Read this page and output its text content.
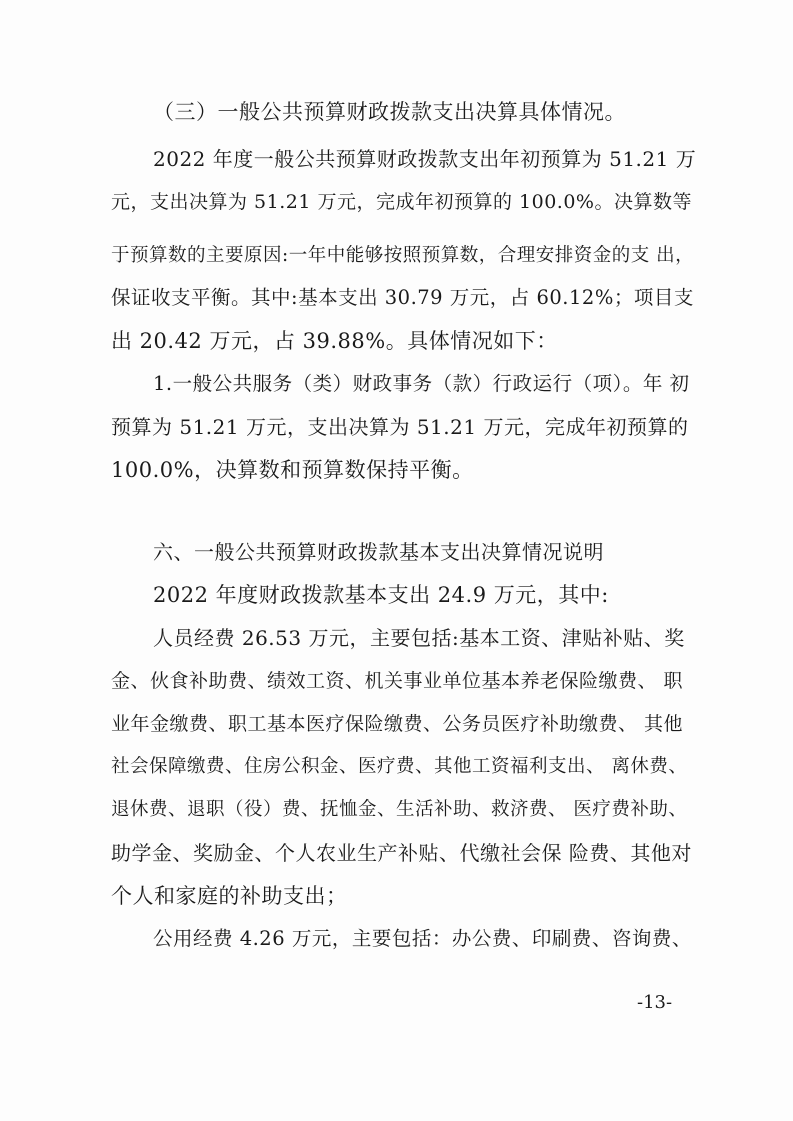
（三）一般公共预算财政拨款支出决算具体情况。

2022 年度一般公共预算财政拨款支出年初预算为 51.21 万

元，支出决算为 51.21 万元，完成年初预算的 100.0%。决算数等

于预算数的主要原因:一年中能够按照预算数，合理安排资金的支 出，

保证收支平衡。其中:基本支出 30.79 万元，占 60.12%；项目支

出 20.42 万元，占 39.88%。具体情况如下：

1.一般公共服务（类）财政事务（款）行政运行（项）。年 初

预算为 51.21 万元，支出决算为 51.21 万元，完成年初预算的

100.0%，决算数和预算数保持平衡。

六、一般公共预算财政拨款基本支出决算情况说明

2022 年度财政拨款基本支出 24.9 万元，其中:

人员经费 26.53 万元，主要包括:基本工资、津贴补贴、奖

金、伙食补助费、绩效工资、机关事业单位基本养老保险缴费、 职

业年金缴费、职工基本医疗保险缴费、公务员医疗补助缴费、 其他

社会保障缴费、住房公积金、医疗费、其他工资福利支出、 离休费、

退休费、退职（役）费、抚恤金、生活补助、救济费、 医疗费补助、

助学金、奖励金、个人农业生产补贴、代缴社会保 险费、其他对

个人和家庭的补助支出；

公用经费 4.26 万元，主要包括：办公费、印刷费、咨询费、

-13-
